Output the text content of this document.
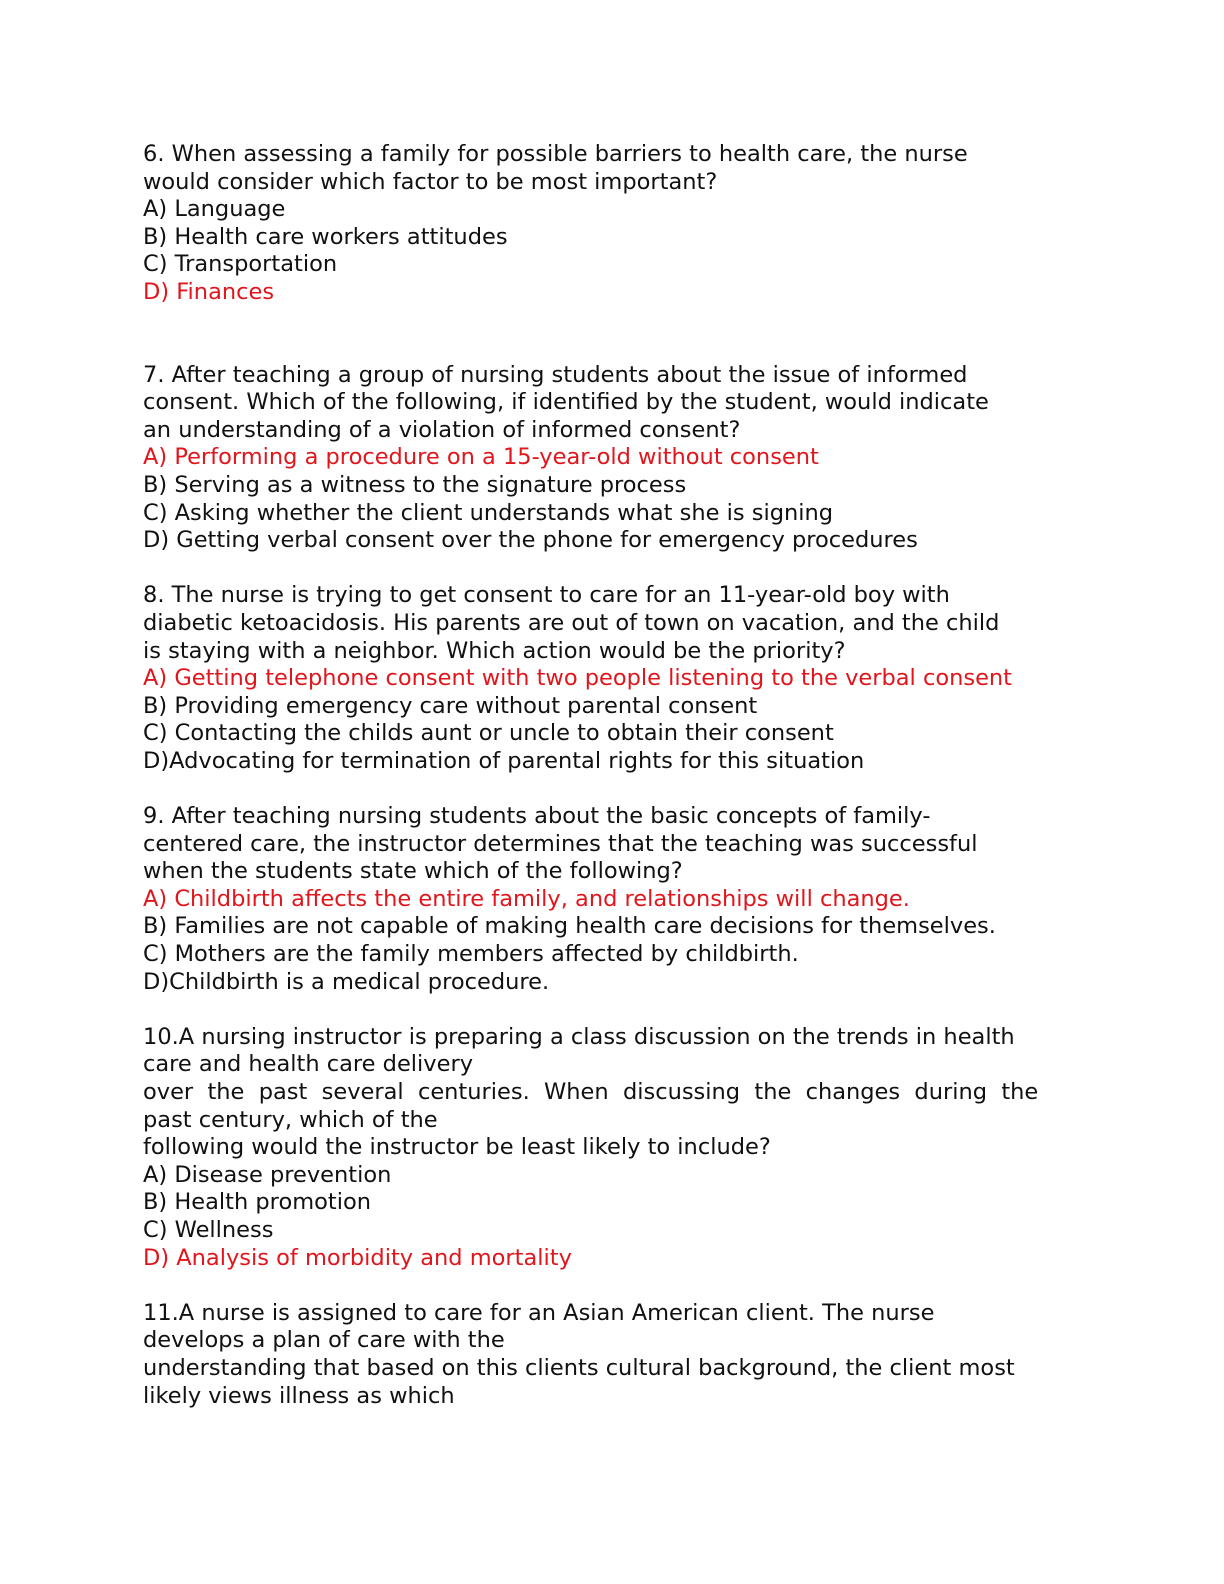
6. When assessing a family for possible barriers to health care, the nurse
would consider which factor to be most important?
A) Language
B) Health care workers attitudes
C) Transportation
D) Finances
7. After teaching a group of nursing students about the issue of informed
consent. Which of the following, if identified by the student, would indicate
an understanding of a violation of informed consent?
A) Performing a procedure on a 15-year-old without consent
B) Serving as a witness to the signature process
C) Asking whether the client understands what she is signing
D) Getting verbal consent over the phone for emergency procedures
8. The nurse is trying to get consent to care for an 11-year-old boy with
diabetic ketoacidosis. His parents are out of town on vacation, and the child
is staying with a neighbor. Which action would be the priority?
A) Getting telephone consent with two people listening to the verbal consent
B) Providing emergency care without parental consent
C) Contacting the childs aunt or uncle to obtain their consent
D)Advocating for termination of parental rights for this situation
9. After teaching nursing students about the basic concepts of family-
centered care, the instructor determines that the teaching was successful
when the students state which of the following?
A) Childbirth affects the entire family, and relationships will change.
B) Families are not capable of making health care decisions for themselves.
C) Mothers are the family members affected by childbirth.
D)Childbirth is a medical procedure.
10.A nursing instructor is preparing a class discussion on the trends in health
care and health care delivery
over  the  past  several  centuries.  When  discussing  the  changes  during  the
past century, which of the
following would the instructor be least likely to include?
A) Disease prevention
B) Health promotion
C) Wellness
D) Analysis of morbidity and mortality
11.A nurse is assigned to care for an Asian American client. The nurse
develops a plan of care with the
understanding that based on this clients cultural background, the client most
likely views illness as which
